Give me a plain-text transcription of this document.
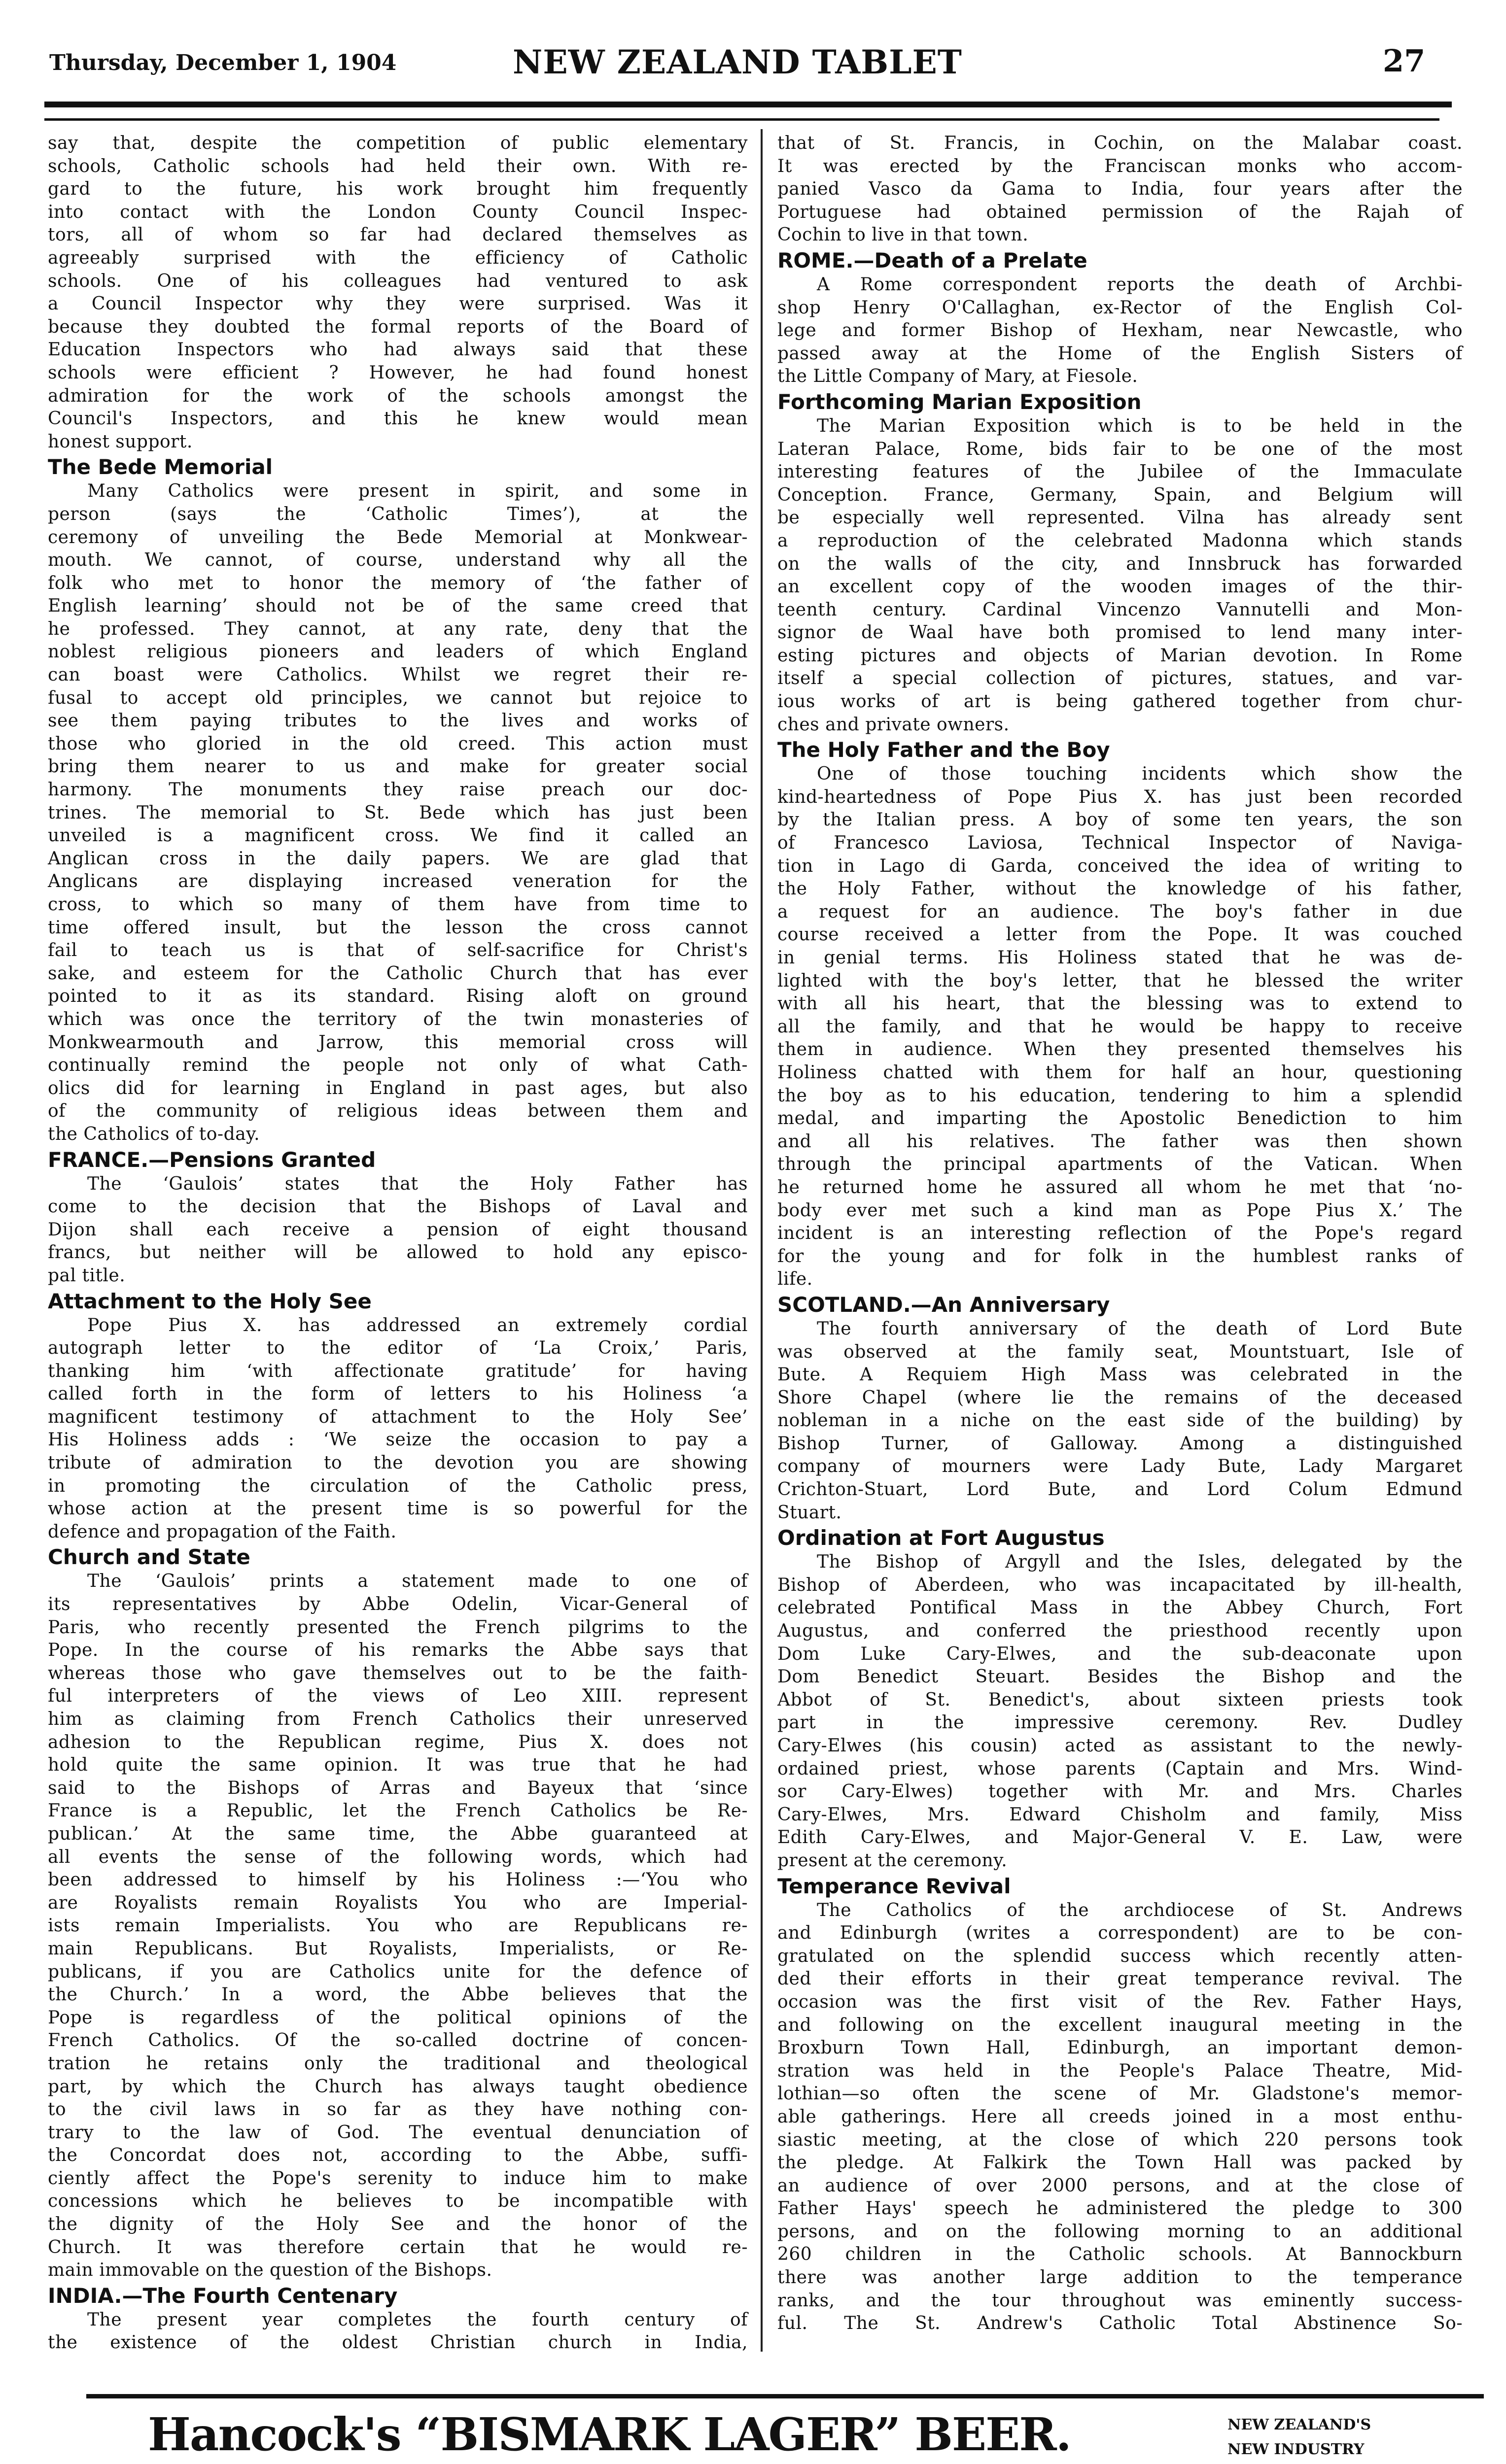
Thursday, December 1, 1904	NEW ZEALAND TABLET	27
say that, despite the competition of public elementary
schools, Catholic schools had held their own. With re-
gard to the future, his work brought him frequently
into contact with the London County Council Inspec-
tors, all of whom so far had declared themselves as
agreeably surprised with the efficiency of Catholic
schools. One of his colleagues had ventured to ask
a Council Inspector why they were surprised. Was it
because they doubted the formal reports of the Board of
Education Inspectors who had always said that these
schools were efficient ? However, he had found honest
admiration for the work of the schools amongst the
Council's Inspectors, and this he knew would mean
honest support.
The Bede Memorial
Many Catholics were present in spirit, and some in
person (says the ‘Catholic Times’), at the
ceremony of unveiling the Bede Memorial at Monkwear-
mouth. We cannot, of course, understand why all the
folk who met to honor the memory of ‘the father of
English learning’ should not be of the same creed that
he professed. They cannot, at any rate, deny that the
noblest religious pioneers and leaders of which England
can boast were Catholics. Whilst we regret their re-
fusal to accept old principles, we cannot but rejoice to
see them paying tributes to the lives and works of
those who gloried in the old creed. This action must
bring them nearer to us and make for greater social
harmony. The monuments they raise preach our doc-
trines. The memorial to St. Bede which has just been
unveiled is a magnificent cross. We find it called an
Anglican cross in the daily papers. We are glad that
Anglicans are displaying increased veneration for the
cross, to which so many of them have from time to
time offered insult, but the lesson the cross cannot
fail to teach us is that of self-sacrifice for Christ's
sake, and esteem for the Catholic Church that has ever
pointed to it as its standard. Rising aloft on ground
which was once the territory of the twin monasteries of
Monkwearmouth and Jarrow, this memorial cross will
continually remind the people not only of what Cath-
olics did for learning in England in past ages, but also
of the community of religious ideas between them and
the Catholics of to-day.
FRANCE.—Pensions Granted
The ‘Gaulois’ states that the Holy Father has
come to the decision that the Bishops of Laval and
Dijon shall each receive a pension of eight thousand
francs, but neither will be allowed to hold any episco-
pal title.
Attachment to the Holy See
Pope Pius X. has addressed an extremely cordial
autograph letter to the editor of ‘La Croix,’ Paris,
thanking him ‘with affectionate gratitude’ for having
called forth in the form of letters to his Holiness ‘a
magnificent testimony of attachment to the Holy See’
His Holiness adds : ‘We seize the occasion to pay a
tribute of admiration to the devotion you are showing
in promoting the circulation of the Catholic press,
whose action at the present time is so powerful for the
defence and propagation of the Faith.
Church and State
The ‘Gaulois’ prints a statement made to one of
its representatives by Abbe Odelin, Vicar-General of
Paris, who recently presented the French pilgrims to the
Pope. In the course of his remarks the Abbe says that
whereas those who gave themselves out to be the faith-
ful interpreters of the views of Leo XIII. represent
him as claiming from French Catholics their unreserved
adhesion to the Republican regime, Pius X. does not
hold quite the same opinion. It was true that he had
said to the Bishops of Arras and Bayeux that ‘since
France is a Republic, let the French Catholics be Re-
publican.’ At the same time, the Abbe guaranteed at
all events the sense of the following words, which had
been addressed to himself by his Holiness :—‘You who
are Royalists remain Royalists You who are Imperial-
ists remain Imperialists. You who are Republicans re-
main Republicans. But Royalists, Imperialists, or Re-
publicans, if you are Catholics unite for the defence of
the Church.’ In a word, the Abbe believes that the
Pope is regardless of the political opinions of the
French Catholics. Of the so-called doctrine of concen-
tration he retains only the traditional and theological
part, by which the Church has always taught obedience
to the civil laws in so far as they have nothing con-
trary to the law of God. The eventual denunciation of
the Concordat does not, according to the Abbe, suffi-
ciently affect the Pope's serenity to induce him to make
concessions which he believes to be incompatible with
the dignity of the Holy See and the honor of the
Church. It was therefore certain that he would re-
main immovable on the question of the Bishops.
INDIA.—The Fourth Centenary
The present year completes the fourth century of
the existence of the oldest Christian church in India,
that of St. Francis, in Cochin, on the Malabar coast.
It was erected by the Franciscan monks who accom-
panied Vasco da Gama to India, four years after the
Portuguese had obtained permission of the Rajah of
Cochin to live in that town.
ROME.—Death of a Prelate
A Rome correspondent reports the death of Archbi-
shop Henry O'Callaghan, ex-Rector of the English Col-
lege and former Bishop of Hexham, near Newcastle, who
passed away at the Home of the English Sisters of
the Little Company of Mary, at Fiesole.
Forthcoming Marian Exposition
The Marian Exposition which is to be held in the
Lateran Palace, Rome, bids fair to be one of the most
interesting features of the Jubilee of the Immaculate
Conception. France, Germany, Spain, and Belgium will
be especially well represented. Vilna has already sent
a reproduction of the celebrated Madonna which stands
on the walls of the city, and Innsbruck has forwarded
an excellent copy of the wooden images of the thir-
teenth century. Cardinal Vincenzo Vannutelli and Mon-
signor de Waal have both promised to lend many inter-
esting pictures and objects of Marian devotion. In Rome
itself a special collection of pictures, statues, and var-
ious works of art is being gathered together from chur-
ches and private owners.
The Holy Father and the Boy
One of those touching incidents which show the
kind-heartedness of Pope Pius X. has just been recorded
by the Italian press. A boy of some ten years, the son
of Francesco Laviosa, Technical Inspector of Naviga-
tion in Lago di Garda, conceived the idea of writing to
the Holy Father, without the knowledge of his father,
a request for an audience. The boy's father in due
course received a letter from the Pope. It was couched
in genial terms. His Holiness stated that he was de-
lighted with the boy's letter, that he blessed the writer
with all his heart, that the blessing was to extend to
all the family, and that he would be happy to receive
them in audience. When they presented themselves his
Holiness chatted with them for half an hour, questioning
the boy as to his education, tendering to him a splendid
medal, and imparting the Apostolic Benediction to him
and all his relatives. The father was then shown
through the principal apartments of the Vatican. When
he returned home he assured all whom he met that ‘no-
body ever met such a kind man as Pope Pius X.’ The
incident is an interesting reflection of the Pope's regard
for the young and for folk in the humblest ranks of
life.
SCOTLAND.—An Anniversary
The fourth anniversary of the death of Lord Bute
was observed at the family seat, Mountstuart, Isle of
Bute. A Requiem High Mass was celebrated in the
Shore Chapel (where lie the remains of the deceased
nobleman in a niche on the east side of the building) by
Bishop Turner, of Galloway. Among a distinguished
company of mourners were Lady Bute, Lady Margaret
Crichton-Stuart, Lord Bute, and Lord Colum Edmund
Stuart.
Ordination at Fort Augustus
The Bishop of Argyll and the Isles, delegated by the
Bishop of Aberdeen, who was incapacitated by ill-health,
celebrated Pontifical Mass in the Abbey Church, Fort
Augustus, and conferred the priesthood recently upon
Dom Luke Cary-Elwes, and the sub-deaconate upon
Dom Benedict Steuart. Besides the Bishop and the
Abbot of St. Benedict's, about sixteen priests took
part in the impressive ceremony. Rev. Dudley
Cary-Elwes (his cousin) acted as assistant to the newly-
ordained priest, whose parents (Captain and Mrs. Wind-
sor Cary-Elwes) together with Mr. and Mrs. Charles
Cary-Elwes, Mrs. Edward Chisholm and family, Miss
Edith Cary-Elwes, and Major-General V. E. Law, were
present at the ceremony.
Temperance Revival
The Catholics of the archdiocese of St. Andrews
and Edinburgh (writes a correspondent) are to be con-
gratulated on the splendid success which recently atten-
ded their efforts in their great temperance revival. The
occasion was the first visit of the Rev. Father Hays,
and following on the excellent inaugural meeting in the
Broxburn Town Hall, Edinburgh, an important demon-
stration was held in the People's Palace Theatre, Mid-
lothian—so often the scene of Mr. Gladstone's memor-
able gatherings. Here all creeds joined in a most enthu-
siastic meeting, at the close of which 220 persons took
the pledge. At Falkirk the Town Hall was packed by
an audience of over 2000 persons, and at the close of
Father Hays' speech he administered the pledge to 300
persons, and on the following morning to an additional
260 children in the Catholic schools. At Bannockburn
there was another large addition to the temperance
ranks, and the tour throughout was eminently success-
ful. The St. Andrew's Catholic Total Abstinence So-
Hancock's “BISMARK LAGER” BEER.	NEW ZEALAND'S
NEW INDUSTRY
